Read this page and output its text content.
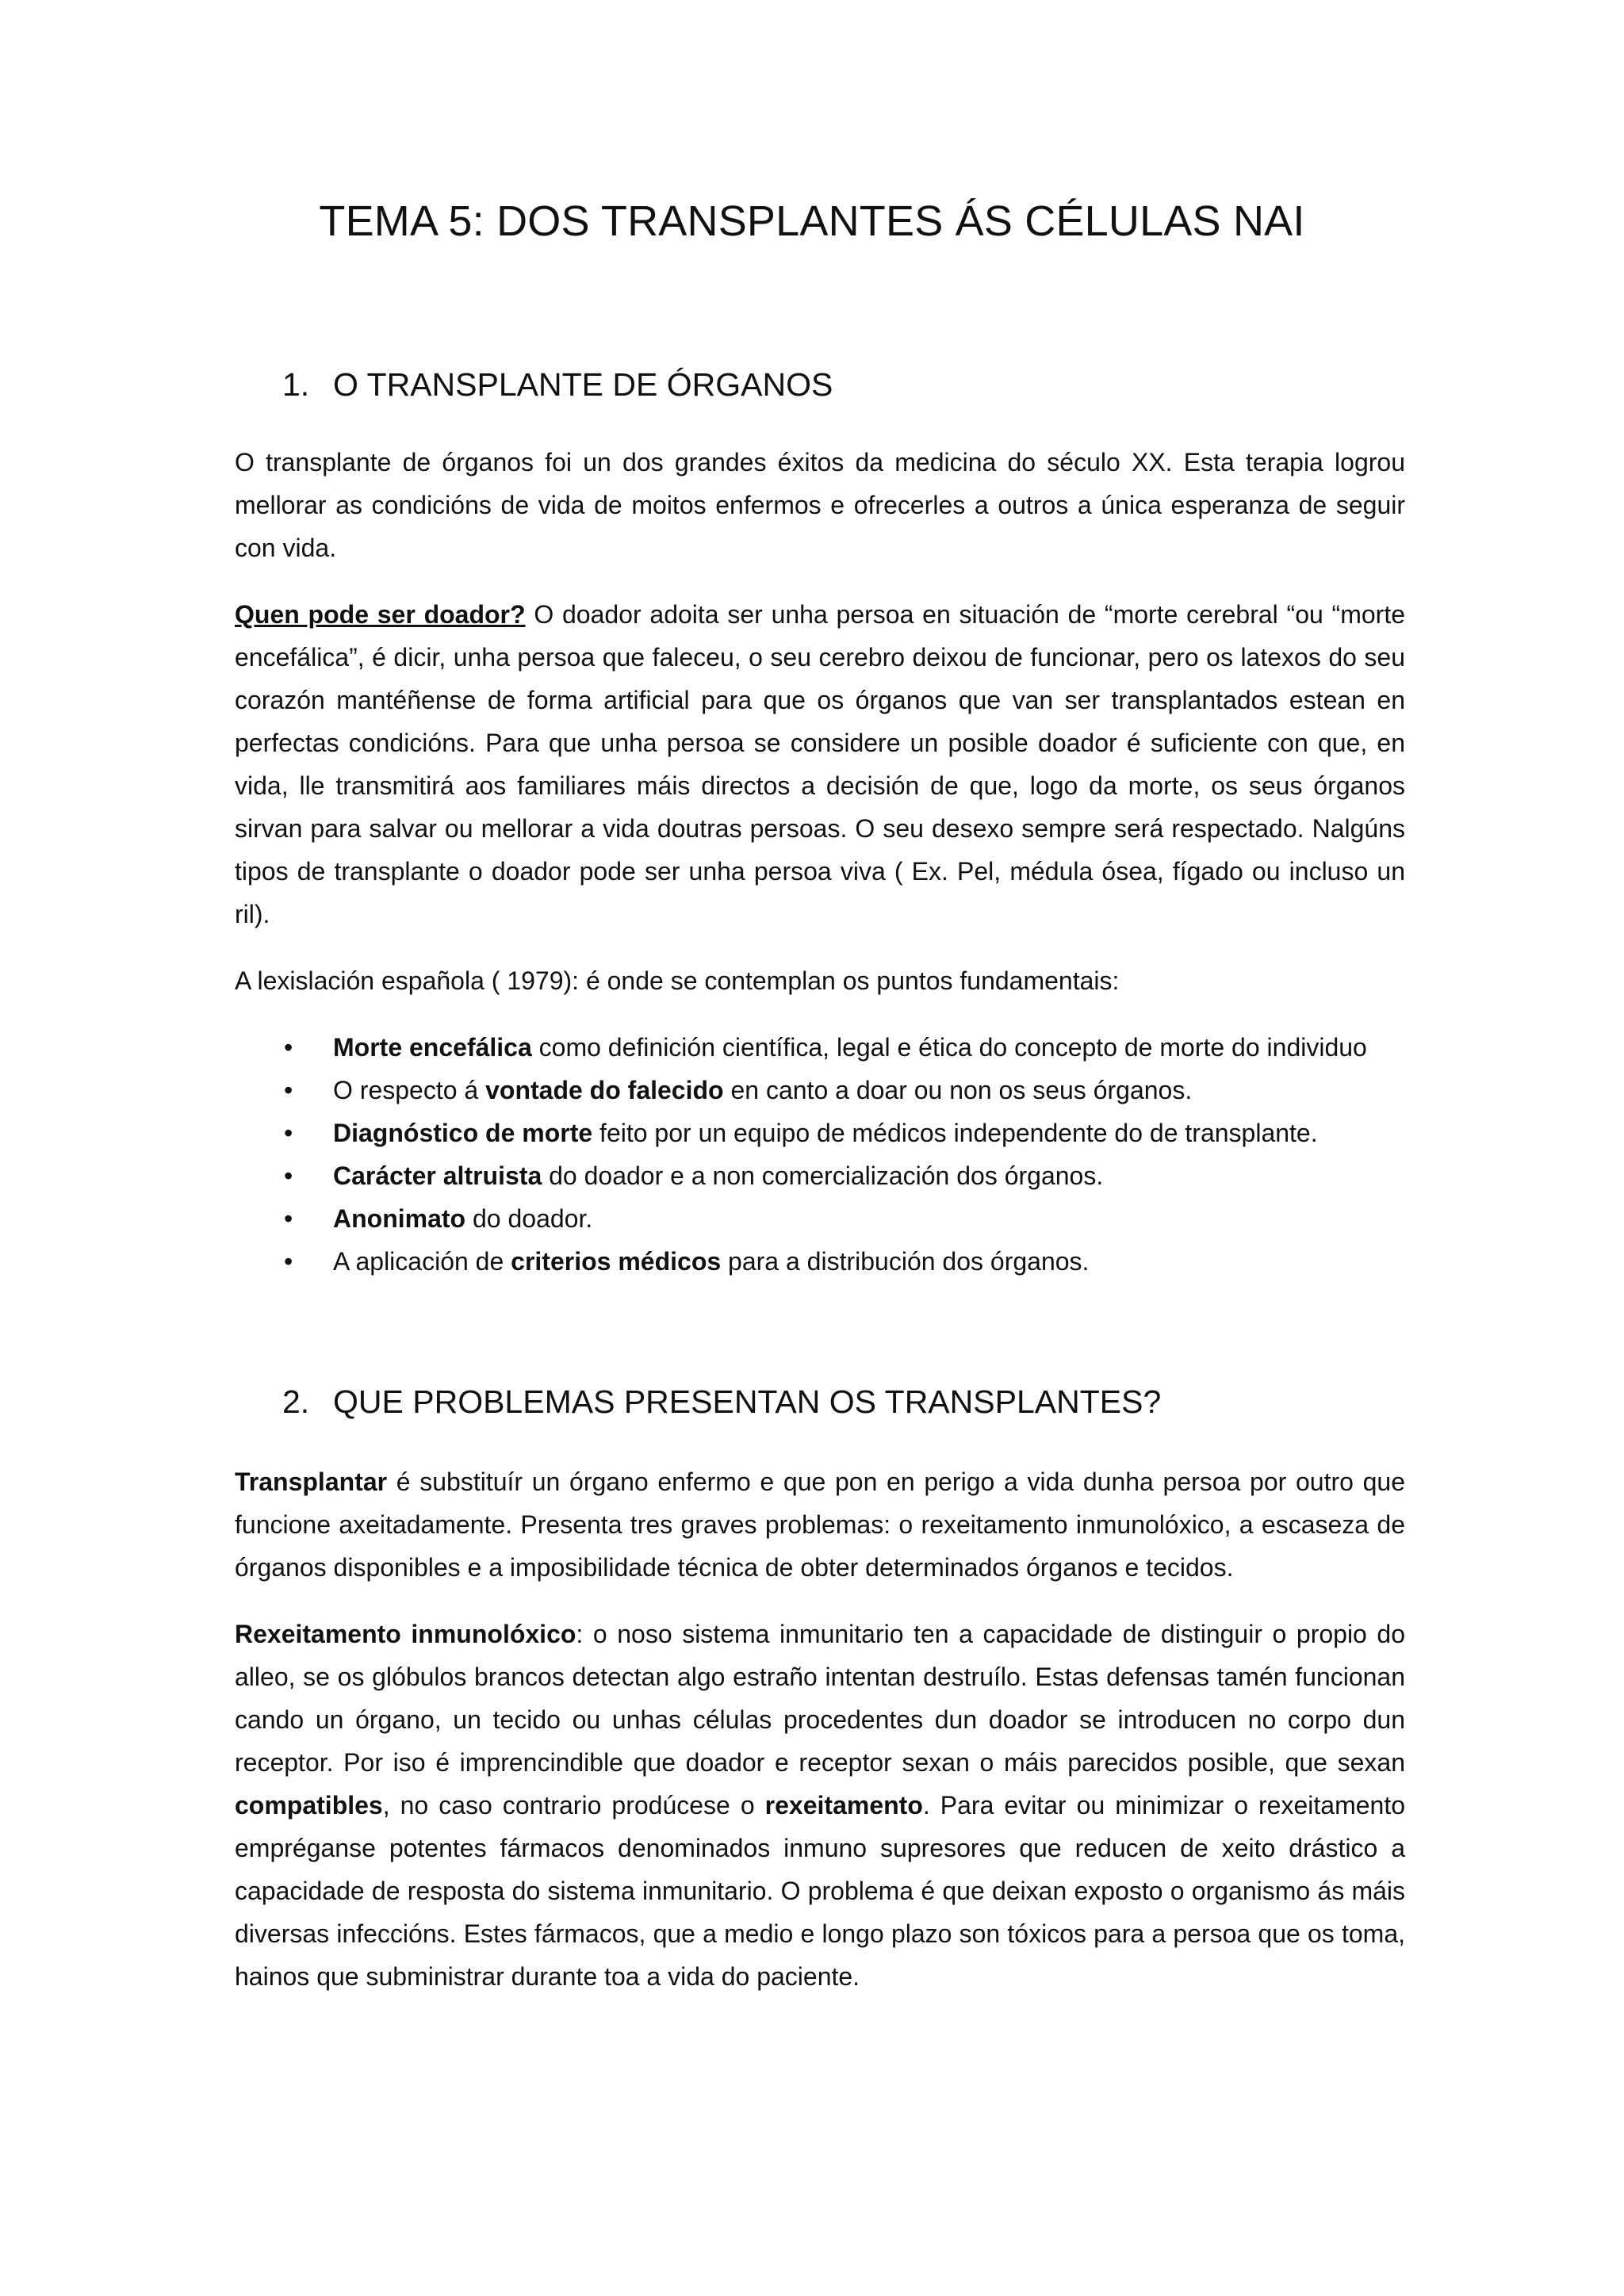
TEMA 5: DOS TRANSPLANTES ÁS CÉLULAS NAI
1. O TRANSPLANTE DE ÓRGANOS

O transplante de órganos foi un dos grandes éxitos da medicina do século XX. Esta terapia logrou mellorar as condicións de vida de moitos enfermos e ofrecerles a outros a única esperanza de seguir con vida.

Quen pode ser doador? O doador adoita ser unha persoa en situación de “morte cerebral “ou “morte encefálica”, é dicir, unha persoa que faleceu, o seu cerebro deixou de funcionar, pero os latexos do seu corazón mantéñense de forma artificial para que os órganos que van ser transplantados estean en perfectas condicións. Para que unha persoa se considere un posible doador é suficiente con que, en vida, lle transmitirá aos familiares máis directos a decisión de que, logo da morte, os seus órganos sirvan para salvar ou mellorar a vida doutras persoas. O seu desexo sempre será respectado. Nalgúns tipos de transplante o doador pode ser unha persoa viva ( Ex. Pel, médula ósea, fígado ou incluso un ril).

A lexislación española ( 1979): é onde se contemplan os puntos fundamentais:

• Morte encefálica como definición científica, legal e ética do concepto de morte do individuo
• O respecto á vontade do falecido en canto a doar ou non os seus órganos.
• Diagnóstico de morte feito por un equipo de médicos independente do de transplante.
• Carácter altruista do doador e a non comercialización dos órganos.
• Anonimato do doador.
• A aplicación de criterios médicos para a distribución dos órganos.
2. QUE PROBLEMAS PRESENTAN OS TRANSPLANTES?

Transplantar é substituír un órgano enfermo e que pon en perigo a vida dunha persoa por outro que funcione axeitadamente. Presenta tres graves problemas: o rexeitamento inmunolóxico, a escaseza de órganos disponibles e a imposibilidade técnica de obter determinados órganos e tecidos.

Rexeitamento inmunolóxico: o noso sistema inmunitario ten a capacidade de distinguir o propio do alleo, se os glóbulos brancos detectan algo estraño intentan destruílo. Estas defensas tamén funcionan cando un órgano, un tecido ou unhas células procedentes dun doador se introducen no corpo dun receptor. Por iso é imprencindible que doador e receptor sexan o máis parecidos posible, que sexan compatibles, no caso contrario prodúcese o rexeitamento. Para evitar ou minimizar o rexeitamento empréganse potentes fármacos denominados inmuno supresores que reducen de xeito drástico a capacidade de resposta do sistema inmunitario. O problema é que deixan exposto o organismo ás máis diversas infeccións. Estes fármacos, que a medio e longo plazo son tóxicos para a persoa que os toma, hainos que subministrar durante toa a vida do paciente.
